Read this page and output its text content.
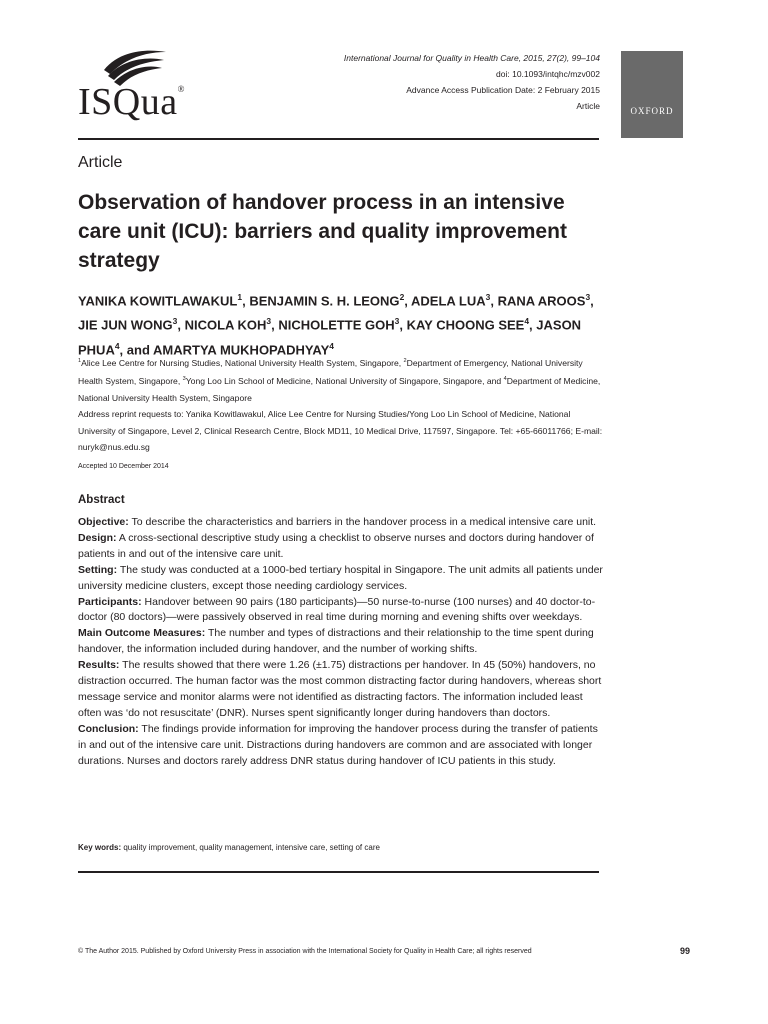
ISQua®
International Journal for Quality in Health Care, 2015, 27(2), 99–104
doi: 10.1093/intqhc/mzv002
Advance Access Publication Date: 2 February 2015
Article	OXFORD
Article
Observation of handover process in an intensive care unit (ICU): barriers and quality improvement strategy
YANIKA KOWITLAWAKUL$^1$, BENJAMIN S. H. LEONG$^2$, ADELA LUA$^3$, RANA AROOS$^3$, JIE JUN WONG$^3$, NICOLA KOH$^3$, NICHOLETTE GOH$^3$, KAY CHOONG SEE$^4$, JASON PHUA$^4$, and AMARTYA MUKHOPADHYAY$^4$
$^1$Alice Lee Centre for Nursing Studies, National University Health System, Singapore, $^2$Department of Emergency, National University Health System, Singapore, $^3$Yong Loo Lin School of Medicine, National University of Singapore, Singapore, and $^4$Department of Medicine, National University Health System, Singapore
Address reprint requests to: Yanika Kowitlawakul, Alice Lee Centre for Nursing Studies/Yong Loo Lin School of Medicine, National University of Singapore, Level 2, Clinical Research Centre, Block MD11, 10 Medical Drive, 117597, Singapore. Tel: +65-66011766; E-mail: nuryk@nus.edu.sg
Accepted 10 December 2014
Abstract

Objective: To describe the characteristics and barriers in the handover process in a medical intensive care unit.

Design: A cross-sectional descriptive study using a checklist to observe nurses and doctors during handover of patients in and out of the intensive care unit.

Setting: The study was conducted at a 1000-bed tertiary hospital in Singapore. The unit admits all patients under university medicine clusters, except those needing cardiology services.

Participants: Handover between 90 pairs (180 participants)—50 nurse-to-nurse (100 nurses) and 40 doctor-to-doctor (80 doctors)—were passively observed in real time during morning and evening shifts over weekdays.

Main Outcome Measures: The number and types of distractions and their relationship to the time spent during handover, the information included during handover, and the number of working shifts.

Results: The results showed that there were 1.26 (±1.75) distractions per handover. In 45 (50%) handovers, no distraction occurred. The human factor was the most common distracting factor during handovers, whereas short message service and monitor alarms were not identified as distracting factors. The information included least often was ‘do not resuscitate’ (DNR). Nurses spent significantly longer during handovers than doctors.

Conclusion: The findings provide information for improving the handover process during the transfer of patients in and out of the intensive care unit. Distractions during handovers are common and are associated with longer durations. Nurses and doctors rarely address DNR status during handover of ICU patients in this study.

Key words: quality improvement, quality management, intensive care, setting of care
© The Author 2015. Published by Oxford University Press in association with the International Society for Quality in Health Care; all rights reserved	99
